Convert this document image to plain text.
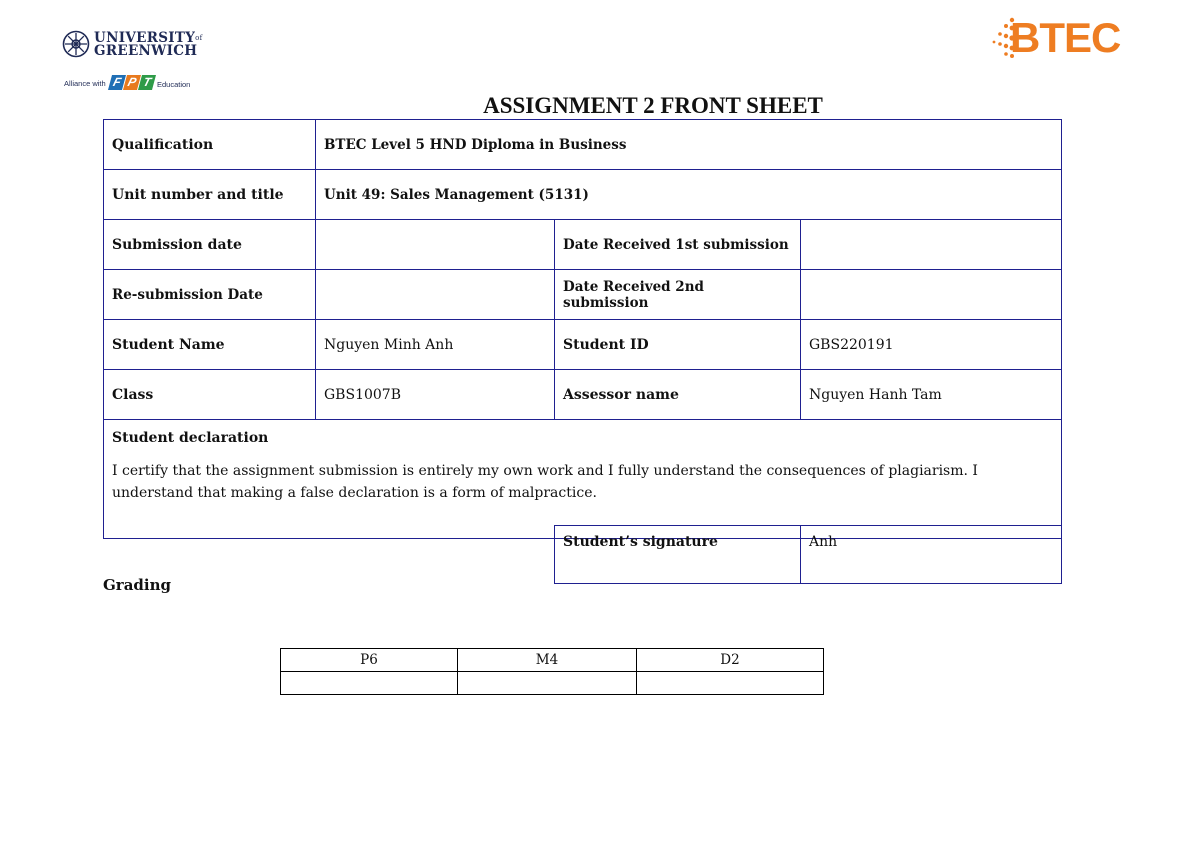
$UNIVERSITY^{of}$
GREENWICH
Alliance with F P T Education
BTEC
ASSIGNMENT 2 FRONT SHEET
Qualification	BTEC Level 5 HND Diploma in Business		
Unit number and title	Unit 49: Sales Management (5131)		
Submission date		Date Received 1st submission	
Re-submission Date		Date Received 2nd submission	
Student Name	Nguyen Minh Anh	Student ID	GBS220191
Class	GBS1007B	Assessor name	Nguyen Hanh Tam

Student declaration
I certify that the assignment submission is entirely my own work and I fully understand the consequences of plagiarism. I understand that making a false declaration is a form of malpractice.			
Student’s signature	Anh
Grading
P6	M4	D2
